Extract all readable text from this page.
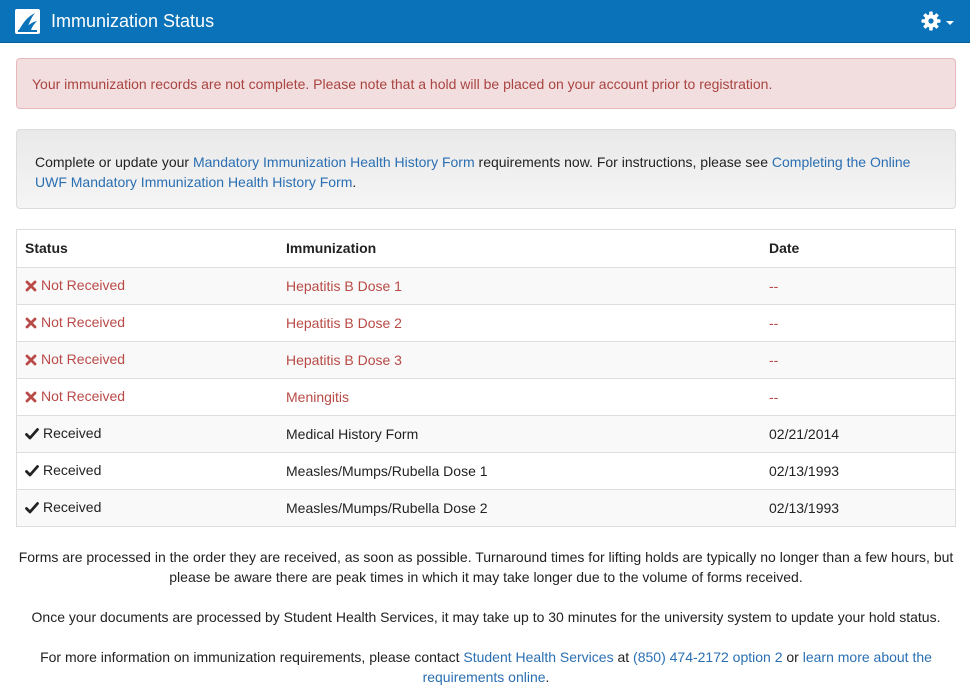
Immunization Status
Your immunization records are not complete. Please note that a hold will be placed on your account prior to registration.
Complete or update your Mandatory Immunization Health History Form requirements now. For instructions, please see Completing the Online UWF Mandatory Immunization Health History Form.
Status	Immunization	Date
Not Received	Hepatitis B Dose 1	--
Not Received	Hepatitis B Dose 2	--
Not Received	Hepatitis B Dose 3	--
Not Received	Meningitis	--
Received	Medical History Form	02/21/2014
Received	Measles/Mumps/Rubella Dose 1	02/13/1993
Received	Measles/Mumps/Rubella Dose 2	02/13/1993
Forms are processed in the order they are received, as soon as possible. Turnaround times for lifting holds are typically no longer than a few hours, but please be aware there are peak times in which it may take longer due to the volume of forms received.
Once your documents are processed by Student Health Services, it may take up to 30 minutes for the university system to update your hold status.
For more information on immunization requirements, please contact Student Health Services at (850) 474-2172 option 2 or learn more about the requirements online.
